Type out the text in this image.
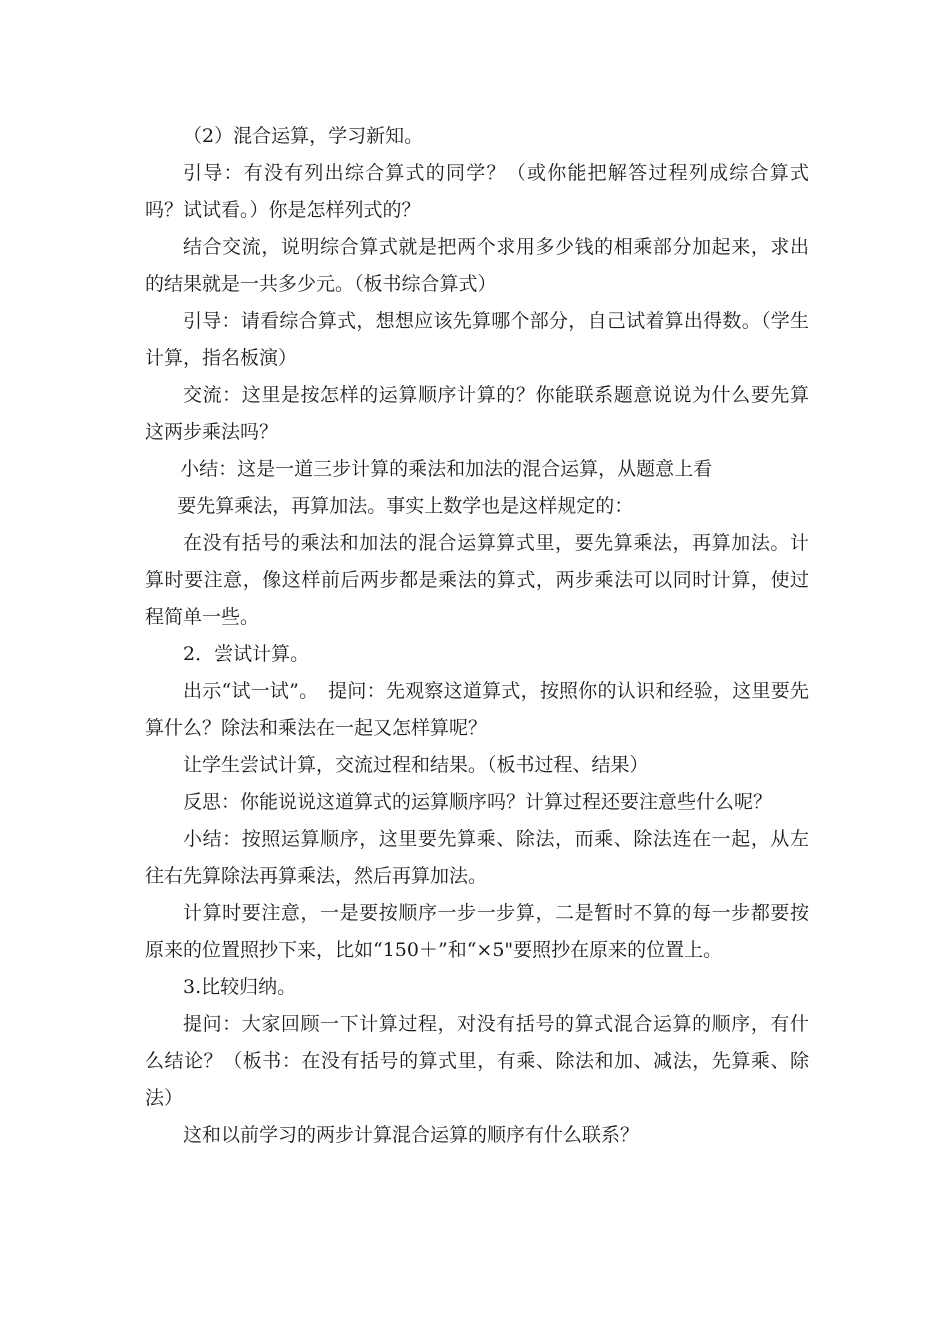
（2）混合运算，学习新知。

引导：有没有列出综合算式的同学？（或你能把解答过程列成综合算式吗？试试看。）你是怎样列式的？

结合交流，说明综合算式就是把两个求用多少钱的相乘部分加起来，求出的结果就是一共多少元。（板书综合算式）

引导：请看综合算式，想想应该先算哪个部分，自己试着算出得数。（学生计算，指名板演）

交流：这里是按怎样的运算顺序计算的？你能联系题意说说为什么要先算这两步乘法吗？

小结：这是一道三步计算的乘法和加法的混合运算，从题意上看

要先算乘法，再算加法。事实上数学也是这样规定的：

在没有括号的乘法和加法的混合运算算式里，要先算乘法，再算加法。计算时要注意，像这样前后两步都是乘法的算式，两步乘法可以同时计算，使过程简单一些。

2．尝试计算。

出示“试一试”。　提问：先观察这道算式，按照你的认识和经验，这里要先算什么？除法和乘法在一起又怎样算呢？

让学生尝试计算，交流过程和结果。（板书过程、结果）

反思：你能说说这道算式的运算顺序吗？计算过程还要注意些什么呢？

小结：按照运算顺序，这里要先算乘、除法，而乘、除法连在一起，从左往右先算除法再算乘法，然后再算加法。

计算时要注意，一是要按顺序一步一步算，二是暂时不算的每一步都要按原来的位置照抄下来，比如“150＋”和“×5"要照抄在原来的位置上。

3.比较归纳。

提问：大家回顾一下计算过程，对没有括号的算式混合运算的顺序，有什么结论？（板书：在没有括号的算式里，有乘、除法和加、减法，先算乘、除法）

这和以前学习的两步计算混合运算的顺序有什么联系？
